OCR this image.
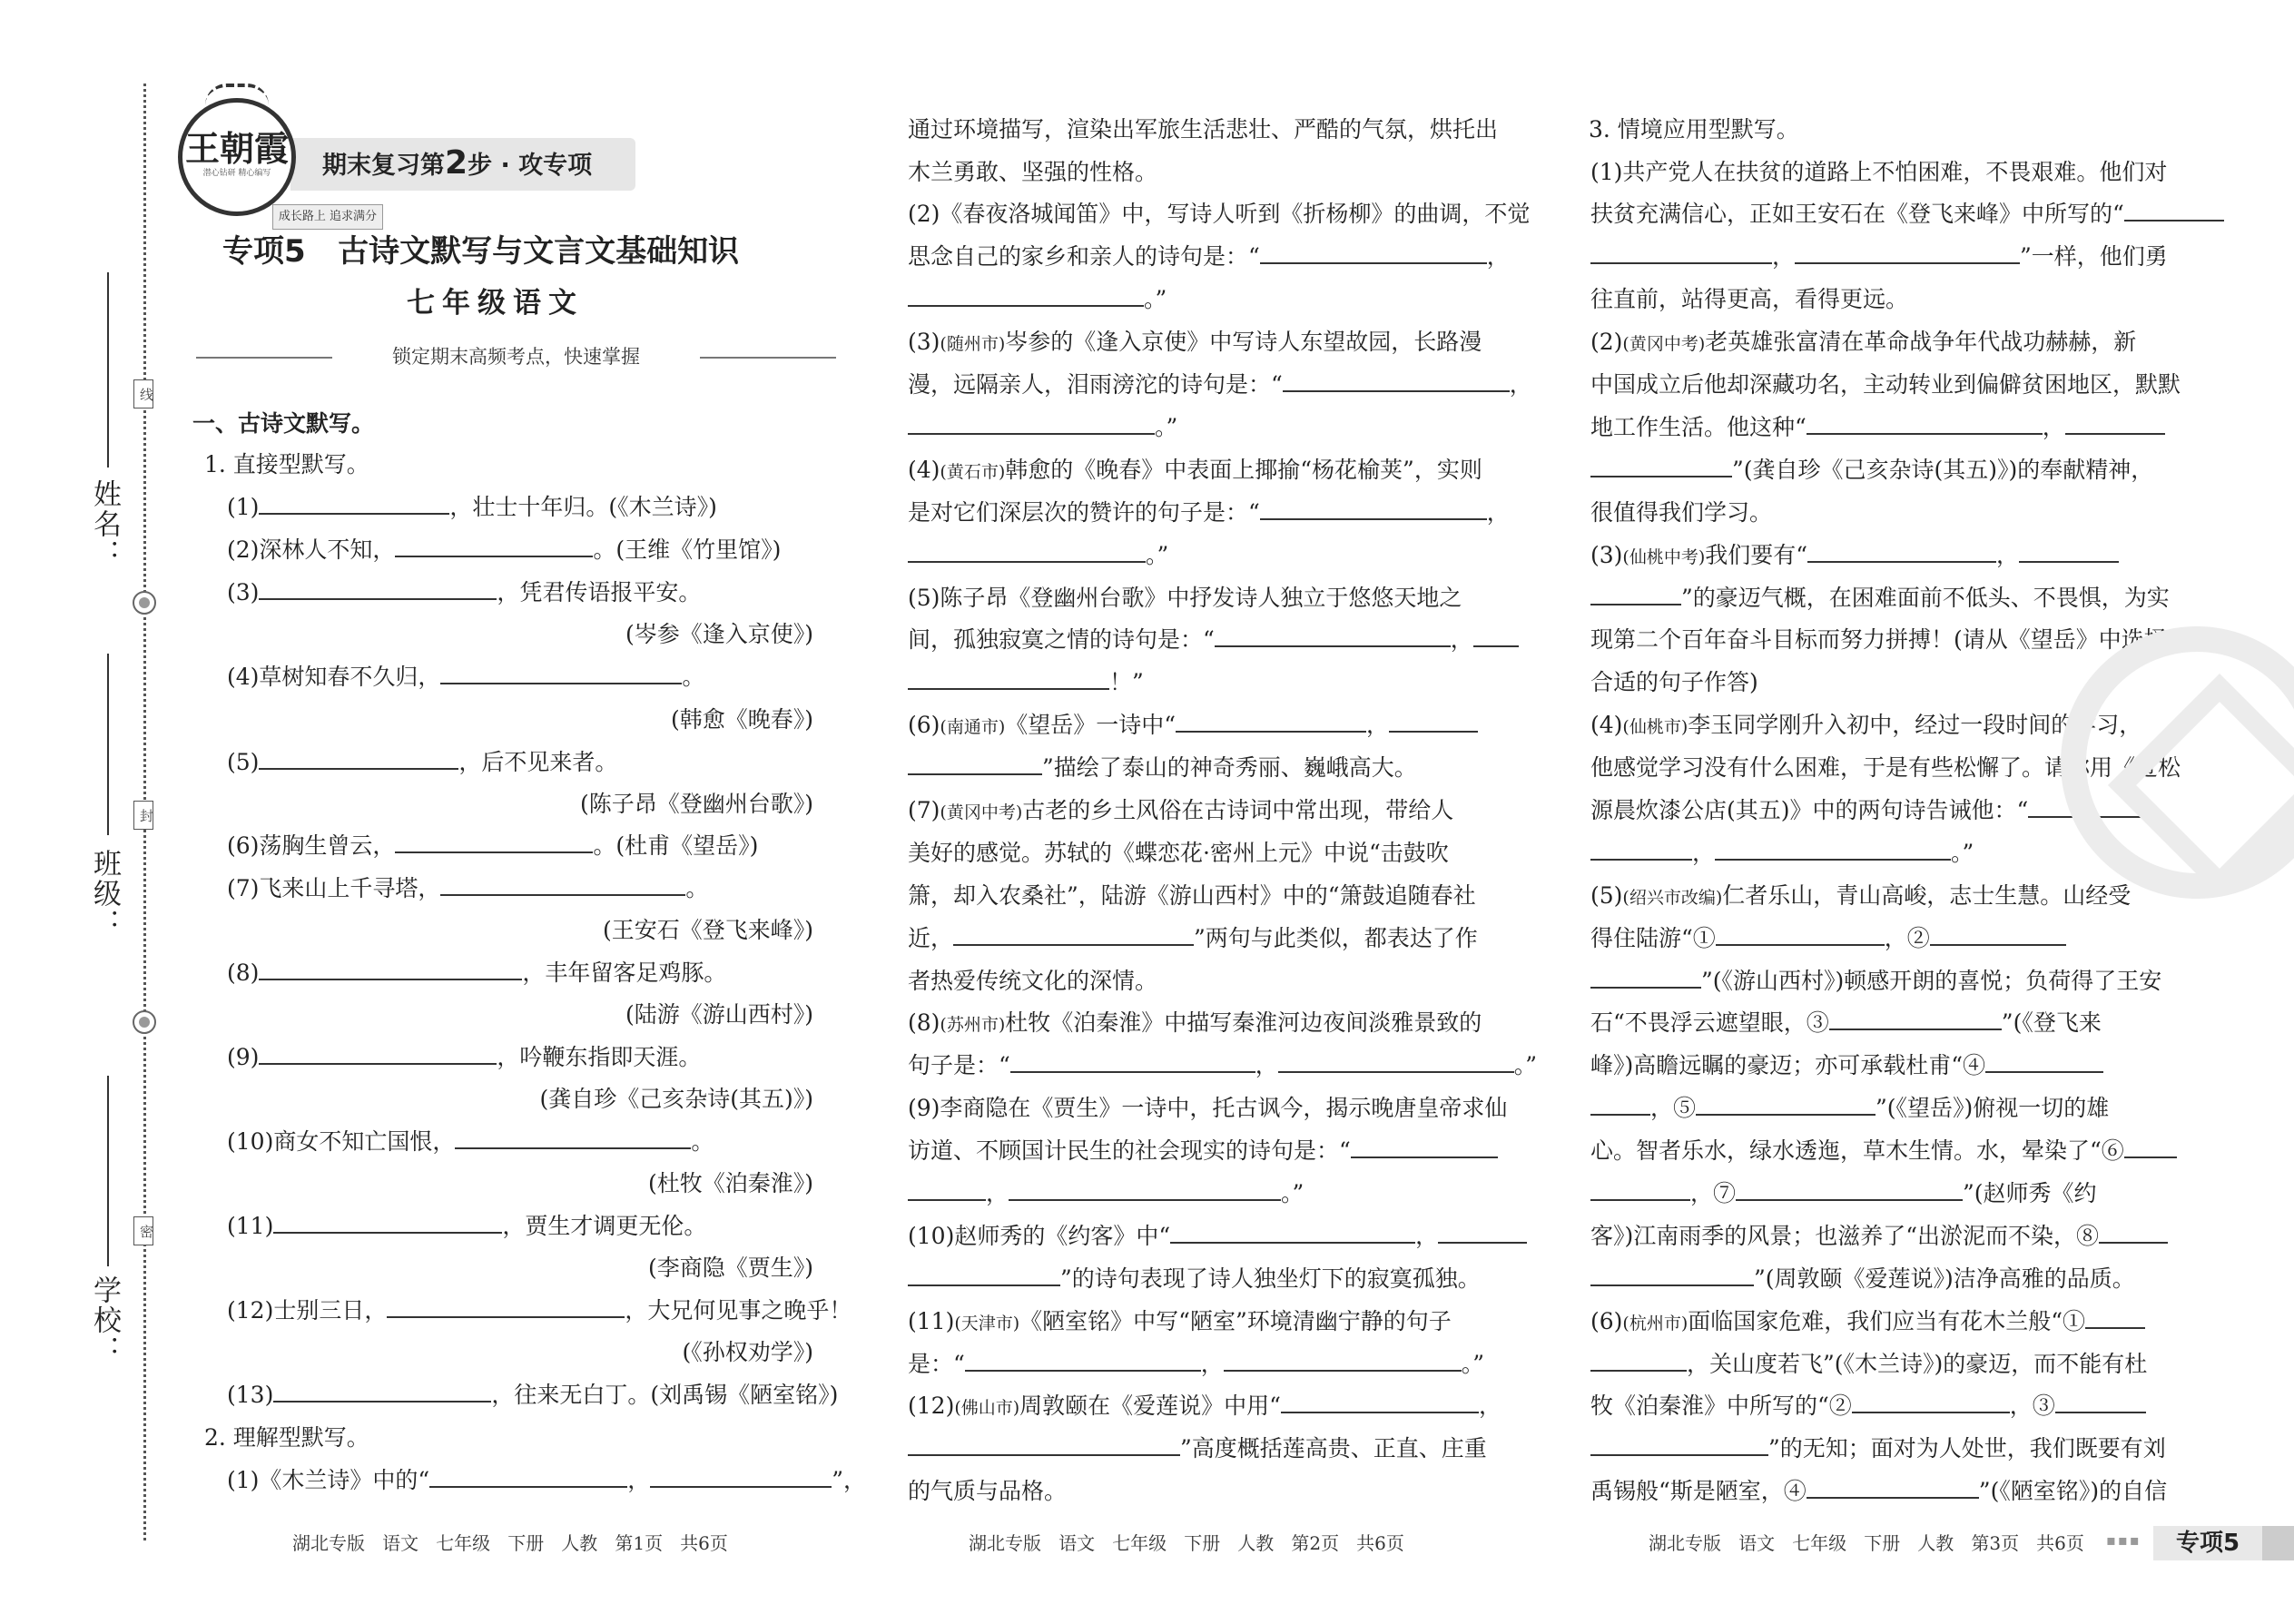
姓名：
班级：
学校：
线
封
密
期末复习第2步 · 攻专项
王朝霞
潜心钻研 精心编写
成长路上 追求满分
专项5   古诗文默写与文言文基础知识
七年级语文
锁定期末高频考点，快速掌握
一、古诗文默写。
1. 直接型默写。
(1)	，壮士十年归。(《木兰诗》)
(2)深林人不知，	。(王维《竹里馆》)
(3)	，凭君传语报平安。
(岑参《逢入京使》)
(4)草树知春不久归，	。
(韩愈《晚春》)
(5)	，后不见来者。
(陈子昂《登幽州台歌》)
(6)荡胸生曾云，	。(杜甫《望岳》)
(7)飞来山上千寻塔，	。
(王安石《登飞来峰》)
(8)	，丰年留客足鸡豚。
(陆游《游山西村》)
(9)	，吟鞭东指即天涯。
(龚自珍《己亥杂诗(其五)》)
(10)商女不知亡国恨，	。
(杜牧《泊秦淮》)
(11)	，贾生才调更无伦。
(李商隐《贾生》)
(12)士别三日，	，大兄何见事之晚乎！
(《孙权劝学》)
(13)	，往来无白丁。(刘禹锡《陋室铭》)
2. 理解型默写。
(1)《木兰诗》中的“	，	”，
通过环境描写，渲染出军旅生活悲壮、严酷的气氛，烘托出
木兰勇敢、坚强的性格。
(2)《春夜洛城闻笛》中，写诗人听到《折杨柳》的曲调，不觉
思念自己的家乡和亲人的诗句是：“	，
。”
(3)(随州市)岑参的《逢入京使》中写诗人东望故园，长路漫
漫，远隔亲人，泪雨滂沱的诗句是：“	，
。”
(4)(黄石市)韩愈的《晚春》中表面上揶揄“杨花榆荚”，实则
是对它们深层次的赞许的句子是：“	，
。”
(5)陈子昂《登幽州台歌》中抒发诗人独立于悠悠天地之
间，孤独寂寞之情的诗句是：“	，
！”
(6)(南通市)《望岳》一诗中“	，
”描绘了泰山的神奇秀丽、巍峨高大。
(7)(黄冈中考)古老的乡土风俗在古诗词中常出现，带给人
美好的感觉。苏轼的《蝶恋花·密州上元》中说“击鼓吹
箫，却入农桑社”，陆游《游山西村》中的“箫鼓追随春社
近，	”两句与此类似，都表达了作
者热爱传统文化的深情。
(8)(苏州市)杜牧《泊秦淮》中描写秦淮河边夜间淡雅景致的
句子是：“	，	。”
(9)李商隐在《贾生》一诗中，托古讽今，揭示晚唐皇帝求仙
访道、不顾国计民生的社会现实的诗句是：“
，	。”
(10)赵师秀的《约客》中“	，
”的诗句表现了诗人独坐灯下的寂寞孤独。
(11)(天津市)《陋室铭》中写“陋室”环境清幽宁静的句子
是：“	，	。”
(12)(佛山市)周敦颐在《爱莲说》中用“	，
”高度概括莲高贵、正直、庄重
的气质与品格。
3. 情境应用型默写。
(1)共产党人在扶贫的道路上不怕困难，不畏艰难。他们对
扶贫充满信心，正如王安石在《登飞来峰》中所写的“
，	”一样，他们勇
往直前，站得更高，看得更远。
(2)(黄冈中考)老英雄张富清在革命战争年代战功赫赫，新
中国成立后他却深藏功名，主动转业到偏僻贫困地区，默默
地工作生活。他这种“	，
”(龚自珍《己亥杂诗(其五)》)的奉献精神，
很值得我们学习。
(3)(仙桃中考)我们要有“	，
”的豪迈气概，在困难面前不低头、不畏惧，为实
现第二个百年奋斗目标而努力拼搏！(请从《望岳》中选择
合适的句子作答)
(4)(仙桃市)李玉同学刚升入初中，经过一段时间的学习，
他感觉学习没有什么困难，于是有些松懈了。请你用《过松
源晨炊漆公店(其五)》中的两句诗告诫他：“
，	。”
(5)(绍兴市改编)仁者乐山，青山高峻，志士生慧。山经受
得住陆游“①	，②
”(《游山西村》)顿感开朗的喜悦；负荷得了王安
石“不畏浮云遮望眼，③	”(《登飞来
峰》)高瞻远瞩的豪迈；亦可承载杜甫“④
，⑤	”(《望岳》)俯视一切的雄
心。智者乐水，绿水透迤，草木生情。水，晕染了“⑥
，⑦	”(赵师秀《约
客》)江南雨季的风景；也滋养了“出淤泥而不染，⑧
”(周敦颐《爱莲说》)洁净高雅的品质。
(6)(杭州市)面临国家危难，我们应当有花木兰般“①
，关山度若飞”(《木兰诗》)的豪迈，而不能有杜
牧《泊秦淮》中所写的“②	，③
”的无知；面对为人处世，我们既要有刘
禹锡般“斯是陋室，④	”(《陋室铭》)的自信
湖北专版   语文   七年级   下册   人教   第1页   共6页	湖北专版   语文   七年级   下册   人教   第2页   共6页	湖北专版   语文   七年级   下册   人教   第3页   共6页 ▪▪▪	专项5
